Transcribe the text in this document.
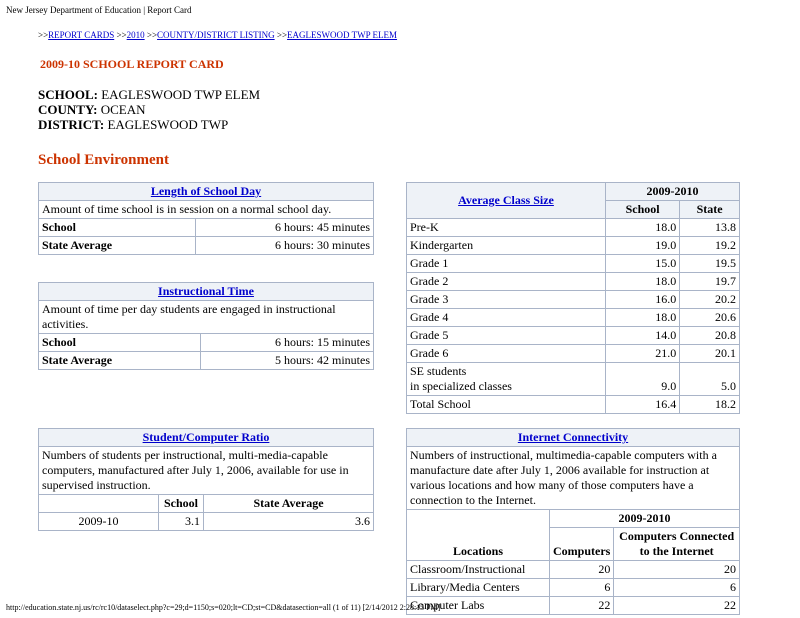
New Jersey Department of Education | Report Card
>>REPORT CARDS >>2010 >>COUNTY/DISTRICT LISTING >>EAGLESWOOD TWP ELEM
2009-10 SCHOOL REPORT CARD
SCHOOL: EAGLESWOOD TWP ELEM
COUNTY: OCEAN
DISTRICT: EAGLESWOOD TWP
School Environment
Length of School Day	
Amount of time school is in session on a normal school day.	
School	6 hours: 45 minutes
State Average	6 hours: 30 minutes
Instructional Time	
Amount of time per day students are engaged in instructional activities.	
School	6 hours: 15 minutes
State Average	5 hours: 42 minutes
Student/Computer Ratio		
Numbers of students per instructional, multi-media-capable computers, manufactured after July 1, 2006, available for use in supervised instruction.		
	School	State Average
2009-10	3.1	3.6
Average Class Size	2009-2010	
	School	State
Pre-K	18.0	13.8
Kindergarten	19.0	19.2
Grade 1	15.0	19.5
Grade 2	18.0	19.7
Grade 3	16.0	20.2
Grade 4	18.0	20.6
Grade 5	14.0	20.8
Grade 6	21.0	20.1
SE students
in specialized classes	9.0	5.0
Total School	16.4	18.2
Internet Connectivity		
Numbers of instructional, multimedia-capable computers with a manufacture date after July 1, 2006 available for instruction at various locations and how many of those computers have a connection to the Internet.		
Locations	2009-2010	
	Computers	Computers Connected to the Internet
Classroom/Instructional	20	20
Library/Media Centers	6	6
Computer Labs	22	22
http://education.state.nj.us/rc/rc10/dataselect.php?c=29;d=1150;s=020;lt=CD;st=CD&datasection=all (1 of 11) [2/14/2012 2:28:15 PM]
